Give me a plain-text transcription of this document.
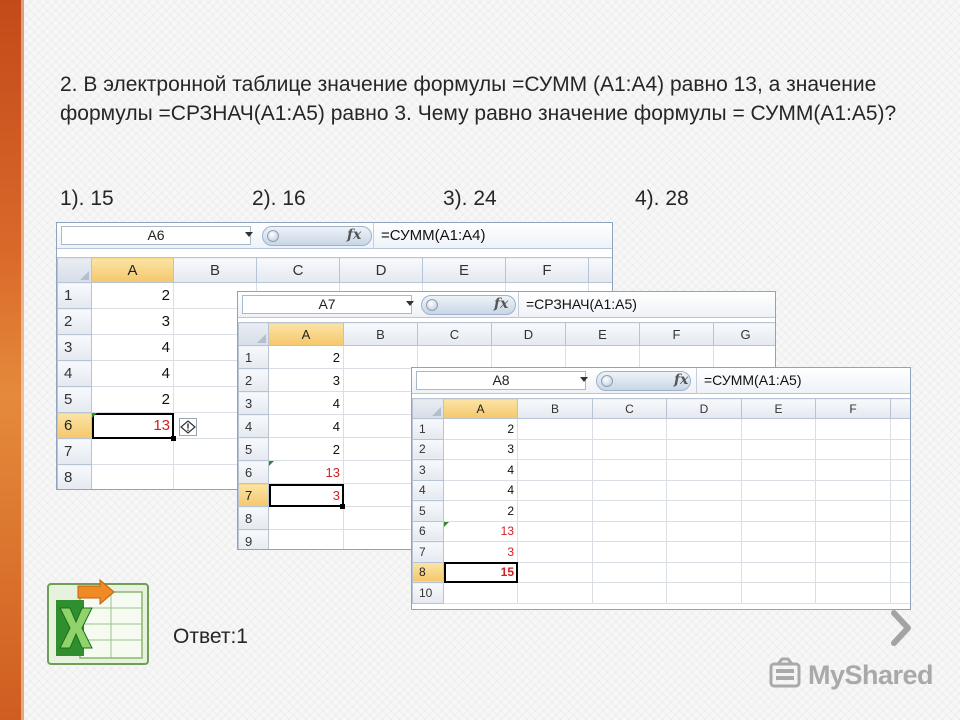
2. В электронной таблице значение формулы =СУММ (А1:А4) равно 13, а значение формулы =СРЗНАЧ(А1:А5) равно 3. Чему равно значение формулы = СУММ(А1:А5)?
1). 15	2). 16	3). 24	4). 28
A6	fx =СУММ(А1:А4)
	A	B	C	D	E	F	
1	2						
2	3						
3	4						
4	4						
5	2						
6	13						
7							
8							
A7	fx =СРЗНАЧ(А1:А5)
	A	B	C	D	E	F	G
1	2						
2	3						
3	4						
4	4						
5	2						
6	13						
7	3						
8							
9							
A8	fx =СУММ(А1:А5)
	A	B	C	D	E	F	
1	2						
2	3						
3	4						
4	4						
5	2						
6	13						
7	3						
8	15						
10							
Ответ:1
MyShared
